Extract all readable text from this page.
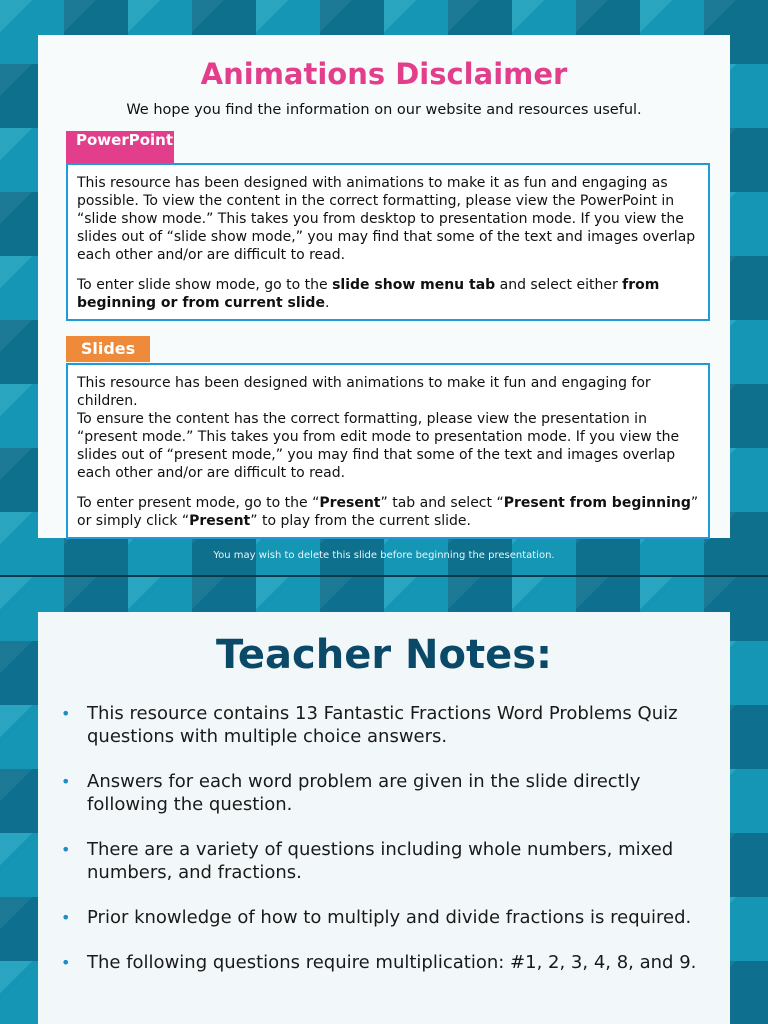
Animations Disclaimer
We hope you find the information on our website and resources useful.
PowerPoint

This resource has been designed with animations to make it as fun and engaging as possible. To view the content in the correct formatting, please view the PowerPoint in “slide show mode.” This takes you from desktop to presentation mode. If you view the slides out of “slide show mode,” you may find that some of the text and images overlap each other and/or are difficult to read.

To enter slide show mode, go to the slide show menu tab and select either from beginning or from current slide.

Slides

This resource has been designed with animations to make it fun and engaging for children.
To ensure the content has the correct formatting, please view the presentation in “present mode.” This takes you from edit mode to presentation mode. If you view the slides out of “present mode,” you may find that some of the text and images overlap each other and/or are difficult to read.

To enter present mode, go to the “Present” tab and select “Present from beginning” or simply click “Present” to play from the current slide.

You may wish to delete this slide before beginning the presentation.
Teacher Notes:
• This resource contains 13 Fantastic Fractions Word Problems Quiz questions with multiple choice answers.
• Answers for each word problem are given in the slide directly following the question.
• There are a variety of questions including whole numbers, mixed numbers, and fractions.
• Prior knowledge of how to multiply and divide fractions is required.
• The following questions require multiplication: #1, 2, 3, 4, 8, and 9.
